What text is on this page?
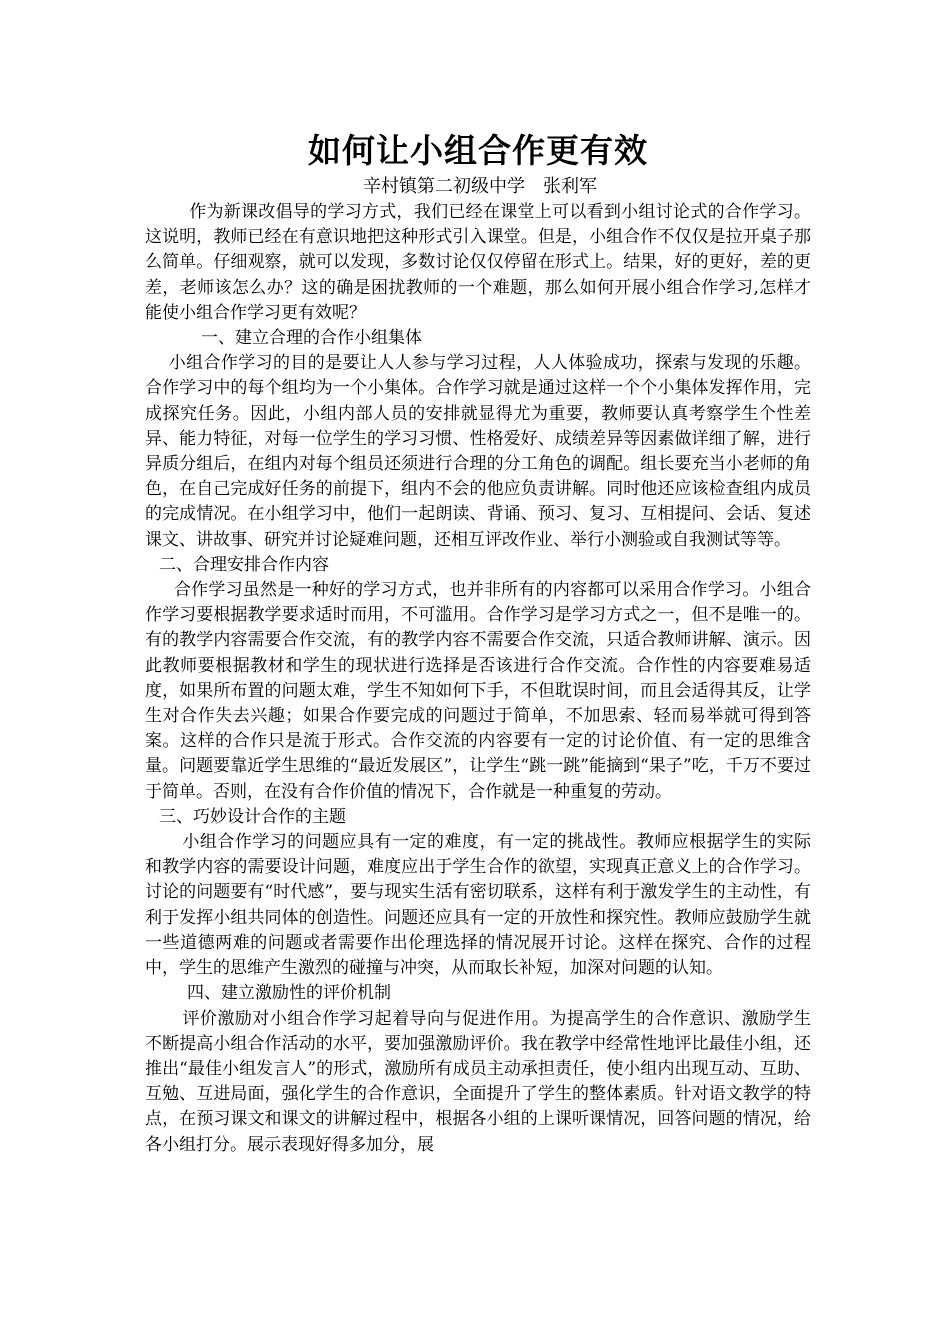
如何让小组合作更有效

辛村镇第二初级中学　张利军

作为新课改倡导的学习方式，我们已经在课堂上可以看到小组讨论式的合作学习。这说明，教师已经在有意识地把这种形式引入课堂。但是，小组合作不仅仅是拉开桌子那么简单。仔细观察，就可以发现，多数讨论仅仅停留在形式上。结果，好的更好，差的更差，老师该怎么办？这的确是困扰教师的一个难题，那么如何开展小组合作学习,怎样才能使小组合作学习更有效呢？

一、建立合理的合作小组集体

小组合作学习的目的是要让人人参与学习过程，人人体验成功，探索与发现的乐趣。合作学习中的每个组均为一个小集体。合作学习就是通过这样一个个小集体发挥作用，完成探究任务。因此，小组内部人员的安排就显得尤为重要，教师要认真考察学生个性差异、能力特征，对每一位学生的学习习惯、性格爱好、成绩差异等因素做详细了解，进行异质分组后，在组内对每个组员还须进行合理的分工角色的调配。组长要充当小老师的角色，在自己完成好任务的前提下，组内不会的他应负责讲解。同时他还应该检查组内成员的完成情况。在小组学习中，他们一起朗读、背诵、预习、复习、互相提问、会话、复述课文、讲故事、研究并讨论疑难问题，还相互评改作业、举行小测验或自我测试等等。

二、合理安排合作内容

合作学习虽然是一种好的学习方式，也并非所有的内容都可以采用合作学习。小组合作学习要根据教学要求适时而用，不可滥用。合作学习是学习方式之一，但不是唯一的。有的教学内容需要合作交流，有的教学内容不需要合作交流，只适合教师讲解、演示。因此教师要根据教材和学生的现状进行选择是否该进行合作交流。合作性的内容要难易适度，如果所布置的问题太难，学生不知如何下手，不但耽误时间，而且会适得其反，让学生对合作失去兴趣；如果合作要完成的问题过于简单，不加思索、轻而易举就可得到答案。这样的合作只是流于形式。合作交流的内容要有一定的讨论价值、有一定的思维含量。问题要靠近学生思维的“最近发展区”，让学生“跳一跳”能摘到“果子”吃，千万不要过于简单。否则，在没有合作价值的情况下，合作就是一种重复的劳动。

三、巧妙设计合作的主题

小组合作学习的问题应具有一定的难度，有一定的挑战性。教师应根据学生的实际和教学内容的需要设计问题，难度应出于学生合作的欲望，实现真正意义上的合作学习。讨论的问题要有“时代感”，要与现实生活有密切联系，这样有利于激发学生的主动性，有利于发挥小组共同体的创造性。问题还应具有一定的开放性和探究性。教师应鼓励学生就一些道德两难的问题或者需要作出伦理选择的情况展开讨论。这样在探究、合作的过程中，学生的思维产生激烈的碰撞与冲突，从而取长补短，加深对问题的认知。

四、建立激励性的评价机制

评价激励对小组合作学习起着导向与促进作用。为提高学生的合作意识、激励学生不断提高小组合作活动的水平，要加强激励评价。我在教学中经常性地评比最佳小组，还推出“最佳小组发言人”的形式，激励所有成员主动承担责任，使小组内出现互动、互助、互勉、互进局面，强化学生的合作意识，全面提升了学生的整体素质。针对语文教学的特点，在预习课文和课文的讲解过程中，根据各小组的上课听课情况，回答问题的情况，给各小组打分。展示表现好得多加分，展
